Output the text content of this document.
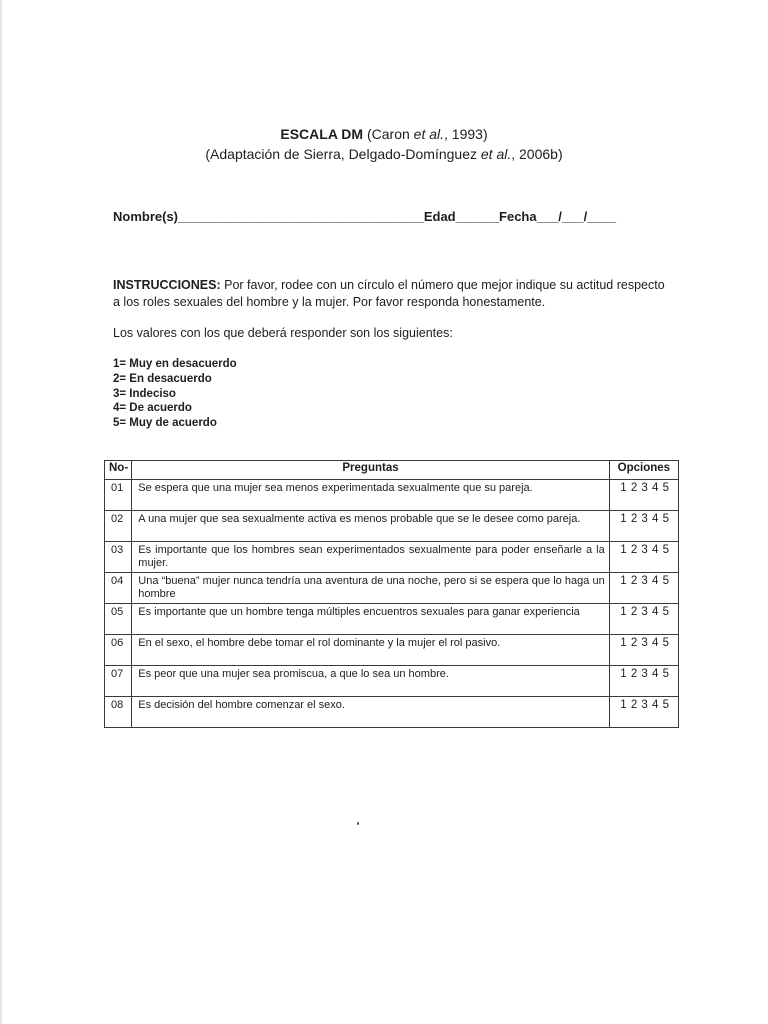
ESCALA DM (Caron et al., 1993)
(Adaptación de Sierra, Delgado-Domínguez et al., 2006b)
Nombre(s)__________________________________Edad______Fecha___/___/____
INSTRUCCIONES: Por favor, rodee con un círculo el número que mejor indique su actitud respecto a los roles sexuales del hombre y la mujer. Por favor responda honestamente.
Los valores con los que deberá responder son los siguientes:
1= Muy en desacuerdo
2= En desacuerdo
3= Indeciso
4= De acuerdo
5= Muy de acuerdo
No-	Preguntas	Opciones
01	Se espera que una mujer sea menos experimentada sexualmente que su pareja.	1 2 3 4 5
02	A una mujer que sea sexualmente activa es menos probable que se le desee como pareja.	1 2 3 4 5
03	Es importante que los hombres sean experimentados sexualmente para poder enseñarle a la mujer.	1 2 3 4 5
04	Una “buena” mujer nunca tendría una aventura de una noche, pero si se espera que lo haga un hombre	1 2 3 4 5
05	Es importante que un hombre tenga múltiples encuentros sexuales para ganar experiencia	1 2 3 4 5
06	En el sexo, el hombre debe tomar el rol dominante y la mujer el rol pasivo.	1 2 3 4 5
07	Es peor que una mujer sea promiscua, a que lo sea un hombre.	1 2 3 4 5
08	Es decisión del hombre comenzar el sexo.	1 2 3 4 5
